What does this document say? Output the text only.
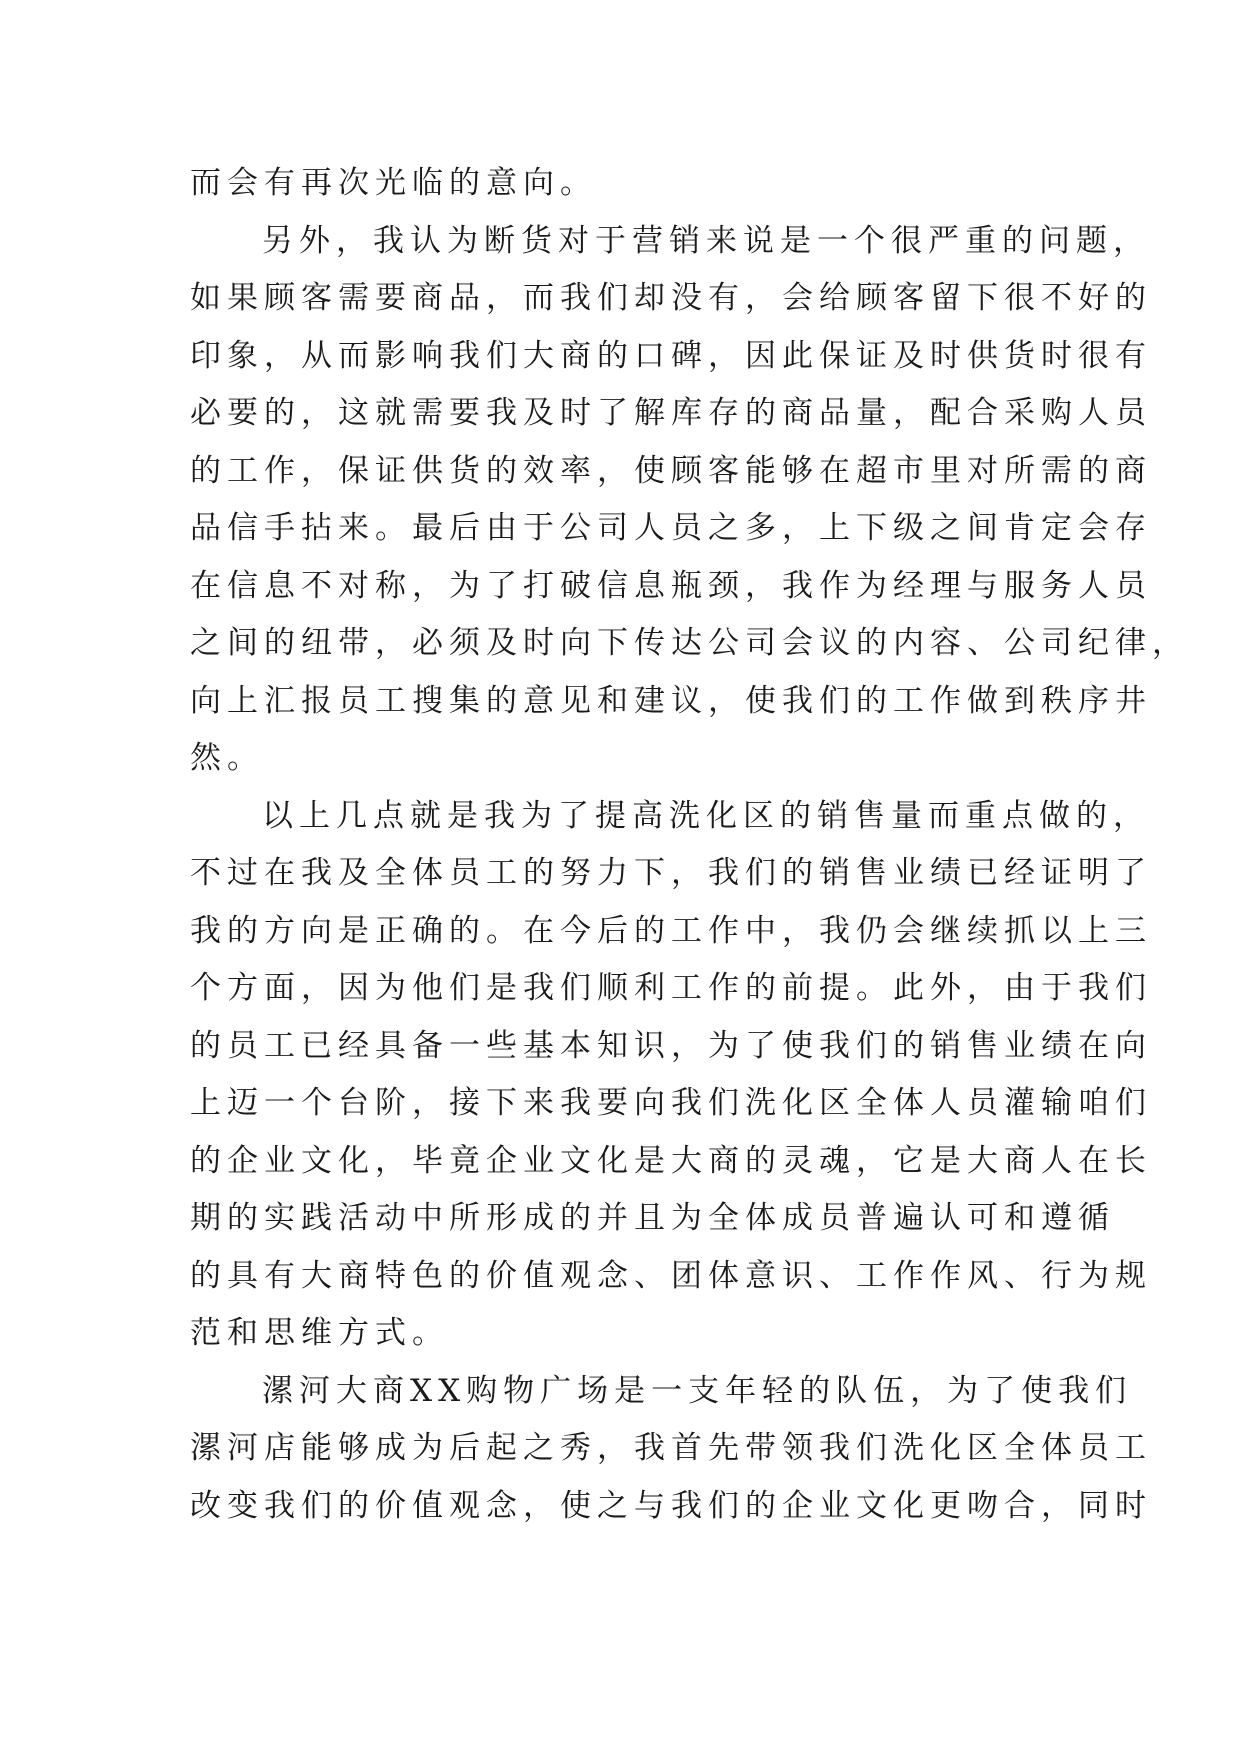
而会有再次光临的意向。
另外，我认为断货对于营销来说是一个很严重的问题，
如果顾客需要商品，而我们却没有，会给顾客留下很不好的
印象，从而影响我们大商的口碑，因此保证及时供货时很有
必要的，这就需要我及时了解库存的商品量，配合采购人员
的工作，保证供货的效率，使顾客能够在超市里对所需的商
品信手拈来。最后由于公司人员之多，上下级之间肯定会存
在信息不对称，为了打破信息瓶颈，我作为经理与服务人员
之间的纽带，必须及时向下传达公司会议的内容、公司纪律，
向上汇报员工搜集的意见和建议，使我们的工作做到秩序井
然。
以上几点就是我为了提高洗化区的销售量而重点做的，
不过在我及全体员工的努力下，我们的销售业绩已经证明了
我的方向是正确的。在今后的工作中，我仍会继续抓以上三
个方面，因为他们是我们顺利工作的前提。此外，由于我们
的员工已经具备一些基本知识，为了使我们的销售业绩在向
上迈一个台阶，接下来我要向我们洗化区全体人员灌输咱们
的企业文化，毕竟企业文化是大商的灵魂，它是大商人在长
期的实践活动中所形成的并且为全体成员普遍认可和遵循
的具有大商特色的价值观念、团体意识、工作作风、行为规
范和思维方式。
漯河大商XX购物广场是一支年轻的队伍，为了使我们
漯河店能够成为后起之秀，我首先带领我们洗化区全体员工
改变我们的价值观念，使之与我们的企业文化更吻合，同时
